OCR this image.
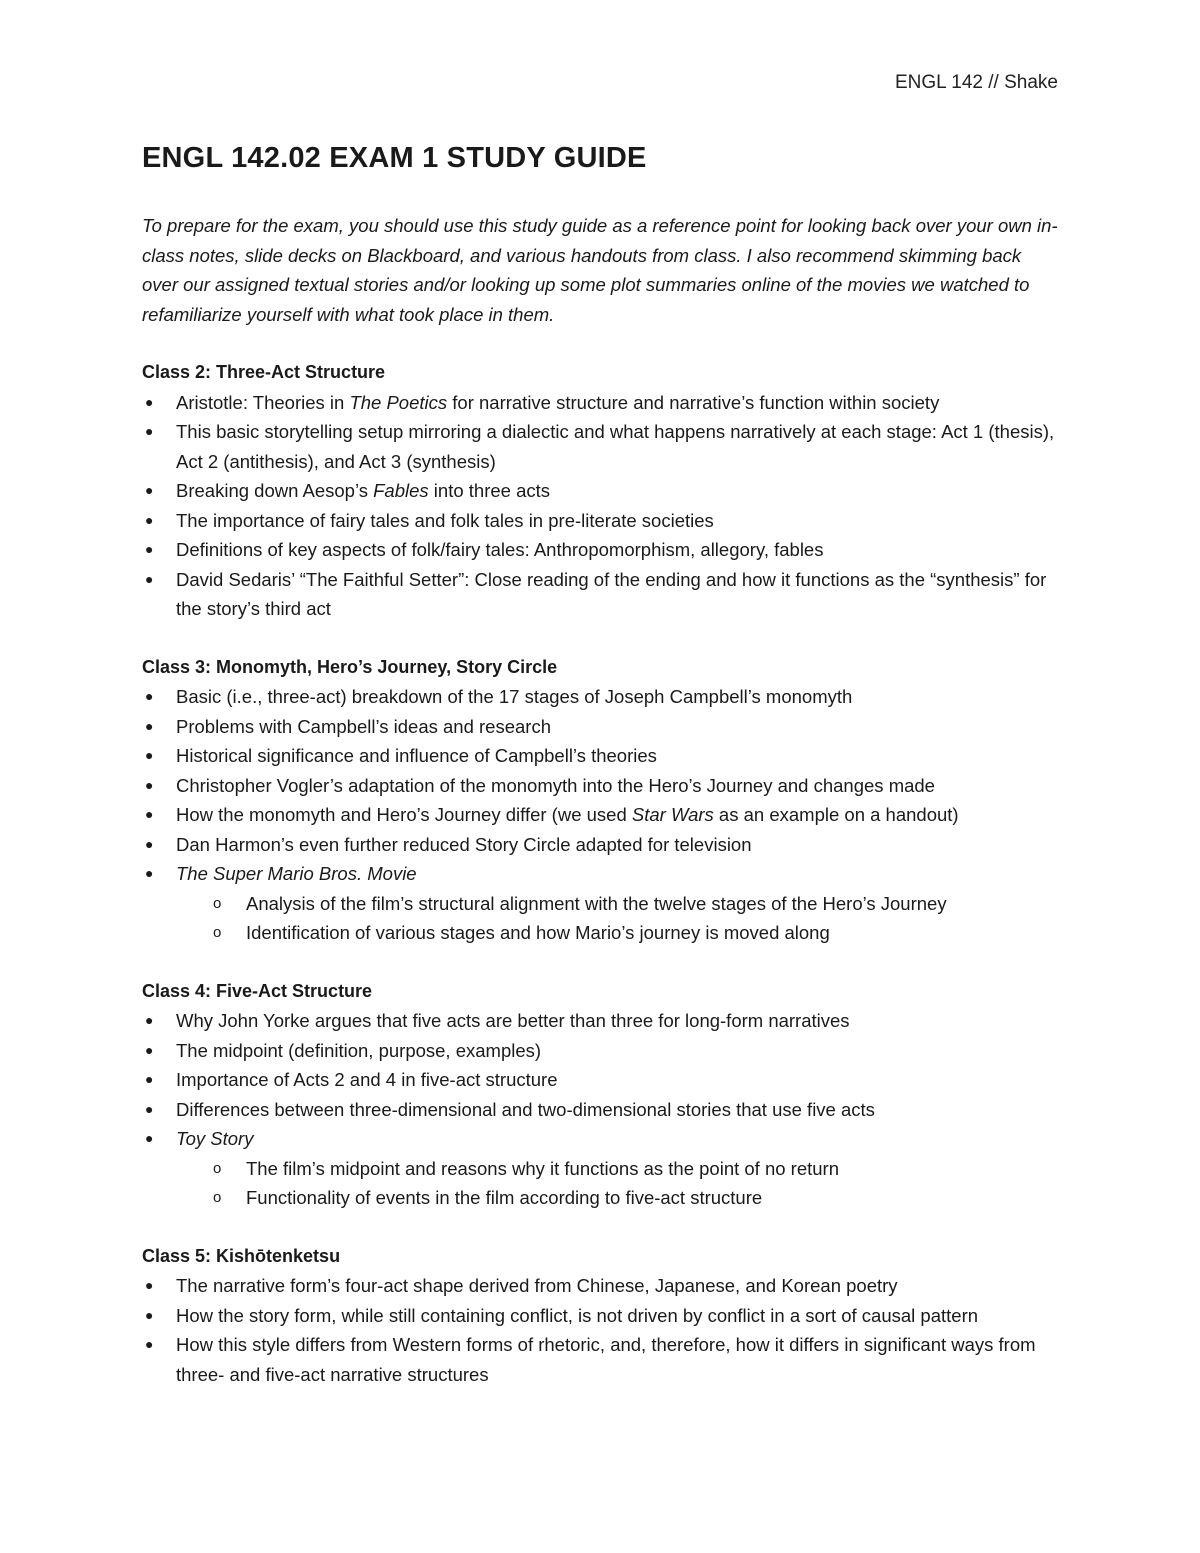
ENGL 142 // Shake
ENGL 142.02 EXAM 1 STUDY GUIDE

To prepare for the exam, you should use this study guide as a reference point for looking back over your own in-class notes, slide decks on Blackboard, and various handouts from class. I also recommend skimming back over our assigned textual stories and/or looking up some plot summaries online of the movies we watched to refamiliarize yourself with what took place in them.

Class 2: Three-Act Structure

● Aristotle: Theories in The Poetics for narrative structure and narrative’s function within society
● This basic storytelling setup mirroring a dialectic and what happens narratively at each stage: Act 1 (thesis), Act 2 (antithesis), and Act 3 (synthesis)
● Breaking down Aesop’s Fables into three acts
● The importance of fairy tales and folk tales in pre-literate societies
● Definitions of key aspects of folk/fairy tales: Anthropomorphism, allegory, fables
● David Sedaris’ “The Faithful Setter”: Close reading of the ending and how it functions as the “synthesis” for the story’s third act

Class 3: Monomyth, Hero’s Journey, Story Circle

● Basic (i.e., three-act) breakdown of the 17 stages of Joseph Campbell’s monomyth
● Problems with Campbell’s ideas and research
● Historical significance and influence of Campbell’s theories
● Christopher Vogler’s adaptation of the monomyth into the Hero’s Journey and changes made
● How the monomyth and Hero’s Journey differ (we used Star Wars as an example on a handout)
● Dan Harmon’s even further reduced Story Circle adapted for television
● The Super Mario Bros. Movie
o Analysis of the film’s structural alignment with the twelve stages of the Hero’s Journey
o Identification of various stages and how Mario’s journey is moved along

Class 4: Five-Act Structure

● Why John Yorke argues that five acts are better than three for long-form narratives
● The midpoint (definition, purpose, examples)
● Importance of Acts 2 and 4 in five-act structure
● Differences between three-dimensional and two-dimensional stories that use five acts
● Toy Story
o The film’s midpoint and reasons why it functions as the point of no return
o Functionality of events in the film according to five-act structure

Class 5: Kishōtenketsu

● The narrative form’s four-act shape derived from Chinese, Japanese, and Korean poetry
● How the story form, while still containing conflict, is not driven by conflict in a sort of causal pattern
● How this style differs from Western forms of rhetoric, and, therefore, how it differs in significant ways from three- and five-act narrative structures
